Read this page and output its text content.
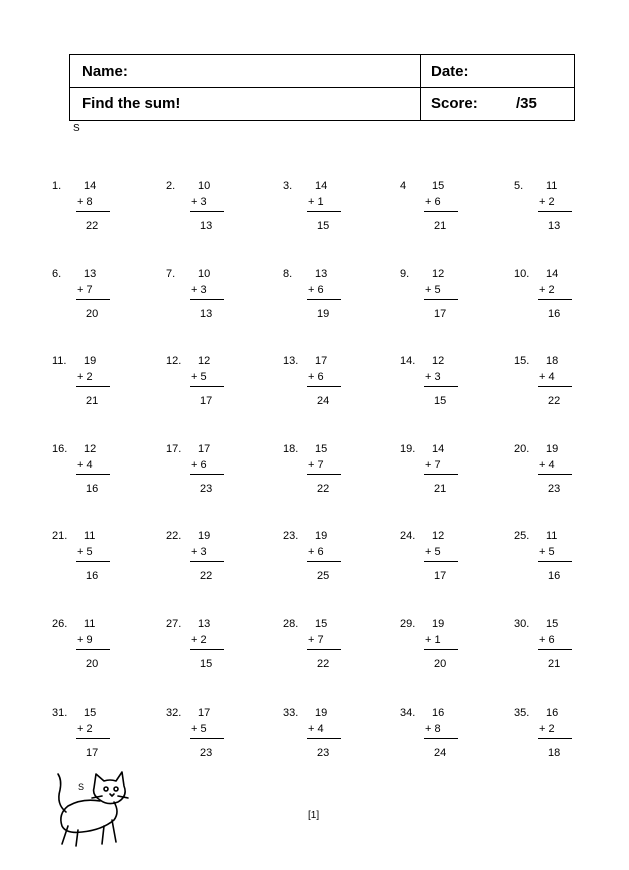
Name:	Date:
Find the sum!	Score:	/35
S
1. 14
+ 8
22
2. 10
+ 3
13
3. 14
+ 1
15
4 15
+ 6
21
5. 11
+ 2
13
6. 13
+ 7
20
7. 10
+ 3
13
8. 13
+ 6
19
9. 12
+ 5
17
10. 14
+ 2
16
11. 19
+ 2
21
12. 12
+ 5
17
13. 17
+ 6
24
14. 12
+ 3
15
15. 18
+ 4
22
16. 12
+ 4
16
17. 17
+ 6
23
18. 15
+ 7
22
19. 14
+ 7
21
20. 19
+ 4
23
21. 11
+ 5
16
22. 19
+ 3
22
23. 19
+ 6
25
24. 12
+ 5
17
25. 11
+ 5
16
26. 11
+ 9
20
27. 13
+ 2
15
28. 15
+ 7
22
29. 19
+ 1
20
30. 15
+ 6
21
31. 15
+ 2
17
32. 17
+ 5
23
33. 19
+ 4
23
34. 16
+ 8
24
35. 16
+ 2
18
S
[1]
